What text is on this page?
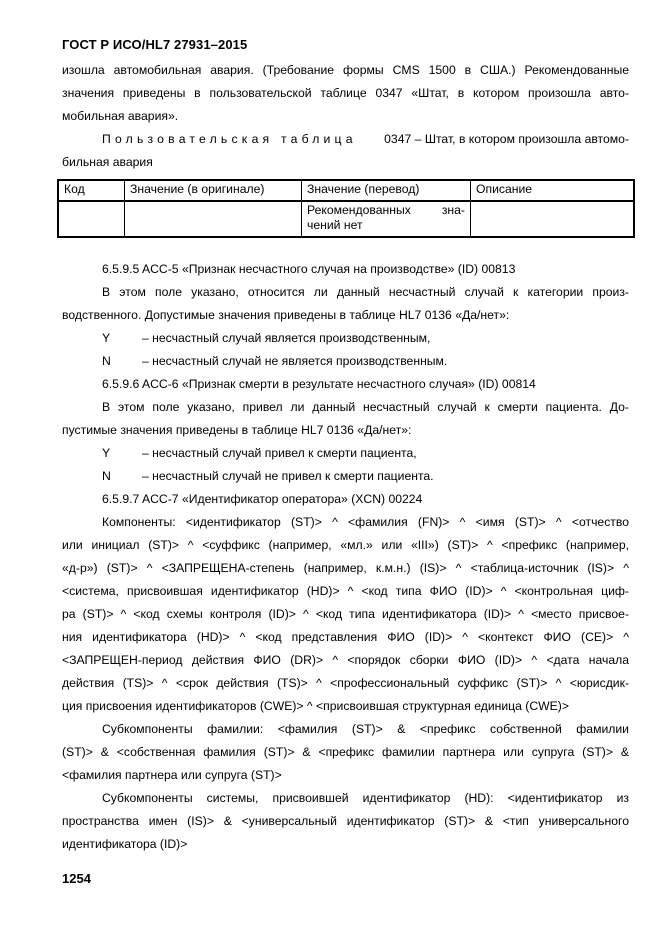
ГОСТ Р ИСО/HL7 27931–2015
изошла автомобильная авария. (Требование формы CMS 1500 в США.) Рекомендованные
значения приведены в пользовательской таблице 0347 «Штат, в котором произошла авто-
мобильная авария».
Пользовательская таблица 0347 – Штат, в котором произошла автомо-
бильная авария
Код	Значение (в оригинале)	Значение (перевод)	Описание

		Рекомендованных зна-
чений нет	

6.5.9.5 ACC-5 «Признак несчастного случая на производстве» (ID) 00813
В этом поле указано, относится ли данный несчастный случай к категории произ-
водственного. Допустимые значения приведены в таблице HL7 0136 «Да/нет»:
Y	– несчастный случай является производственным,
N	– несчастный случай не является производственным.
6.5.9.6 ACC-6 «Признак смерти в результате несчастного случая» (ID) 00814
В этом поле указано, привел ли данный несчастный случай к смерти пациента. До-
пустимые значения приведены в таблице HL7 0136 «Да/нет»:
Y	– несчастный случай привел к смерти пациента,
N	– несчастный случай не привел к смерти пациента.
6.5.9.7 ACC-7 «Идентификатор оператора» (XCN) 00224
Компоненты: <идентификатор (ST)> ^ <фамилия (FN)> ^ <имя (ST)> ^ <отчество
или инициал (ST)> ^ <суффикс (например, «мл.» или «III») (ST)> ^ <префикс (например,
«д-р») (ST)> ^ <ЗАПРЕЩЕНА-степень (например, к.м.н.) (IS)> ^ <таблица-источник (IS)> ^
<система, присвоившая идентификатор (HD)> ^ <код типа ФИО (ID)> ^ <контрольная циф-
ра (ST)> ^ <код схемы контроля (ID)> ^ <код типа идентификатора (ID)> ^ <место присвое-
ния идентификатора (HD)> ^ <код представления ФИО (ID)> ^ <контекст ФИО (CE)> ^
<ЗАПРЕЩЕН-период действия ФИО (DR)> ^ <порядок сборки ФИО (ID)> ^ <дата начала
действия (TS)> ^ <срок действия (TS)> ^ <профессиональный суффикс (ST)> ^ <юрисдик-
ция присвоения идентификаторов (CWE)> ^ <присвоившая структурная единица (CWE)>
Субкомпоненты фамилии: <фамилия (ST)> & <префикс собственной фамилии
(ST)> & <собственная фамилия (ST)> & <префикс фамилии партнера или супруга (ST)> &
<фамилия партнера или супруга (ST)>
Субкомпоненты системы, присвоившей идентификатор (HD): <идентификатор из
пространства имен (IS)> & <универсальный идентификатор (ST)> & <тип универсального
идентификатора (ID)>
1254
